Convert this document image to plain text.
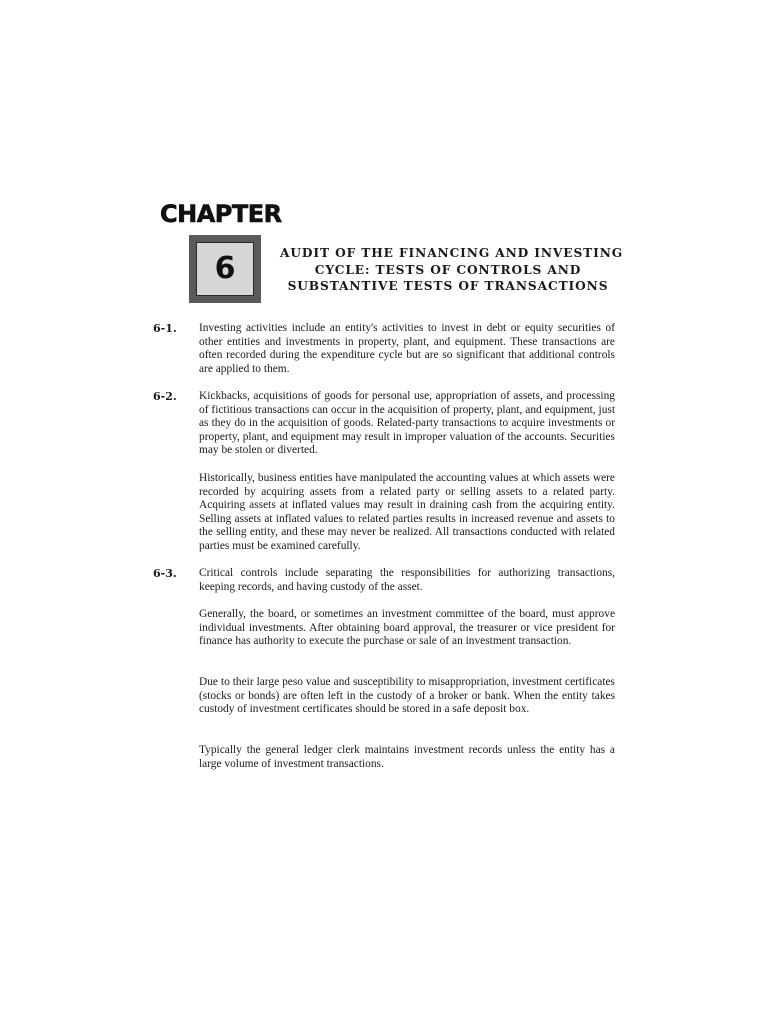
CHAPTER
6	AUDIT OF THE FINANCING AND INVESTING
CYCLE: TESTS OF CONTROLS AND
SUBSTANTIVE TESTS OF TRANSACTIONS
6-1. Investing activities include an entity's activities to invest in debt or equity securities of other entities and investments in property, plant, and equipment. These transactions are often recorded during the expenditure cycle but are so significant that additional controls are applied to them.

6-2. Kickbacks, acquisitions of goods for personal use, appropriation of assets, and processing of fictitious transactions can occur in the acquisition of property, plant, and equipment, just as they do in the acquisition of goods. Related-party transactions to acquire investments or property, plant, and equipment may result in improper valuation of the accounts. Securities may be stolen or diverted.

Historically, business entities have manipulated the accounting values at which assets were recorded by acquiring assets from a related party or selling assets to a related party. Acquiring assets at inflated values may result in draining cash from the acquiring entity. Selling assets at inflated values to related parties results in increased revenue and assets to the selling entity, and these may never be realized. All transactions conducted with related parties must be examined carefully.

6-3. Critical controls include separating the responsibilities for authorizing transactions, keeping records, and having custody of the asset.

Generally, the board, or sometimes an investment committee of the board, must approve individual investments. After obtaining board approval, the treasurer or vice president for finance has authority to execute the purchase or sale of an investment transaction.

Due to their large peso value and susceptibility to misappropriation, investment certificates (stocks or bonds) are often left in the custody of a broker or bank. When the entity takes custody of investment certificates should be stored in a safe deposit box.

Typically the general ledger clerk maintains investment records unless the entity has a large volume of investment transactions.
